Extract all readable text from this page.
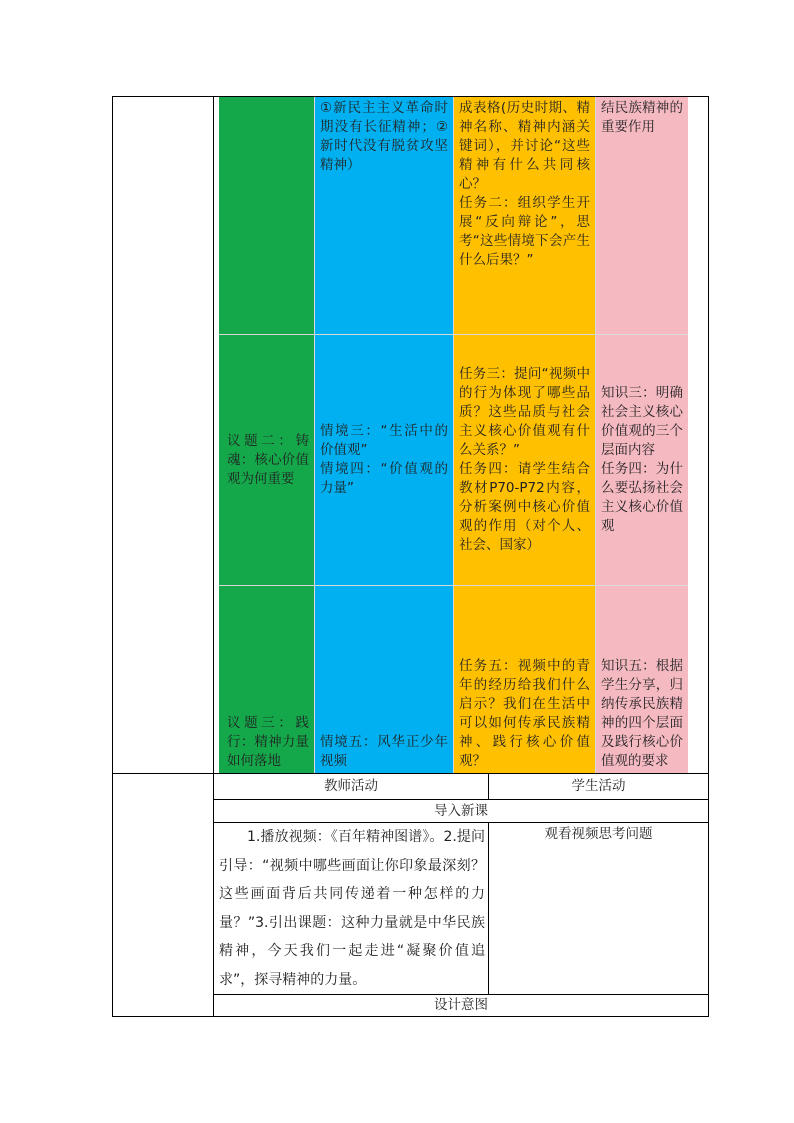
①新民主主义革命时期没有长征精神；②新时代没有脱贫攻坚精神）
成表格(历史时期、精神名称、精神内涵关键词），并讨论“这些精神有什么共同核心？
任务二：组织学生开展“反向辩论”，思考“这些情境下会产生什么后果？”
结民族精神的重要作用
议题二：铸魂：核心价值观为何重要
情境三：“生活中的价值观”
情境四：“价值观的力量”
任务三：提问“视频中的行为体现了哪些品质？这些品质与社会主义核心价值观有什么关系？”
任务四：请学生结合教材P70-P72内容，分析案例中核心价值观的作用（对个人、社会、国家）
知识三：明确社会主义核心价值观的三个层面内容
任务四：为什么要弘扬社会主义核心价值观
议题三：践行：精神力量如何落地
情境五：风华正少年视频
任务五：视频中的青年的经历给我们什么启示？我们在生活中可以如何传承民族精神、践行核心价值观？
知识五：根据学生分享，归纳传承民族精神的四个层面及践行核心价值观的要求
教师活动	学生活动
导入新课
1.播放视频：《百年精神图谱》。2.提问引导：“视频中哪些画面让你印象最深刻？这些画面背后共同传递着一种怎样的力量？”3.引出课题：这种力量就是中华民族精神，今天我们一起走进“凝聚价值追求”，探寻精神的力量。
观看视频思考问题
设计意图
